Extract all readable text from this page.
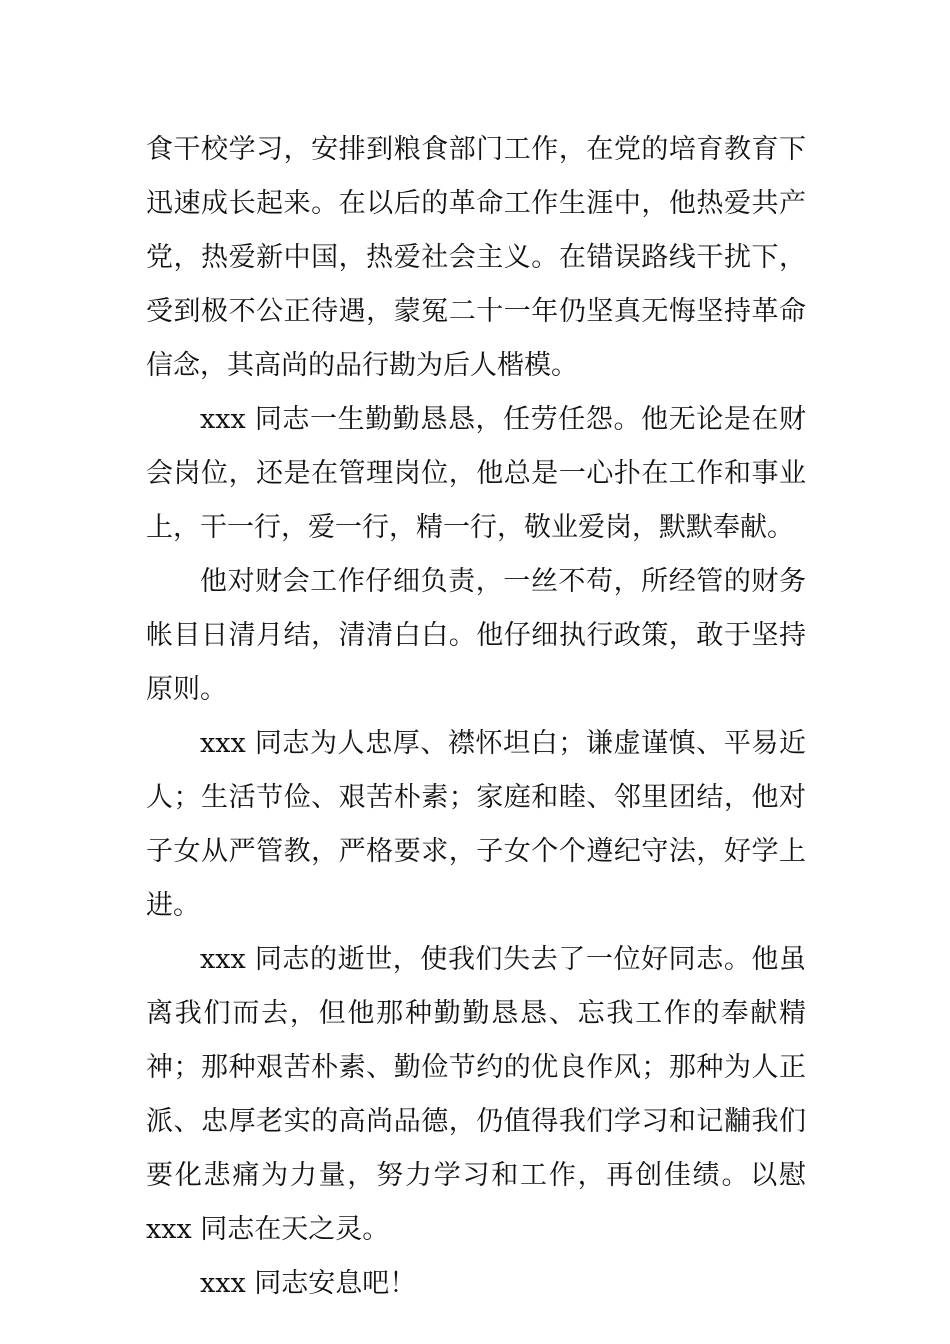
食干校学习，安排到粮食部门工作，在党的培育教育下迅速成长起来。在以后的革命工作生涯中，他热爱共产党，热爱新中国，热爱社会主义。在错误路线干扰下，受到极不公正待遇，蒙冤二十一年仍坚真无悔坚持革命信念，其高尚的品行勘为后人楷模。

xxx 同志一生勤勤恳恳，任劳任怨。他无论是在财会岗位，还是在管理岗位，他总是一心扑在工作和事业上，干一行，爱一行，精一行，敬业爱岗，默默奉献。

他对财会工作仔细负责，一丝不苟，所经管的财务帐目日清月结，清清白白。他仔细执行政策，敢于坚持原则。

xxx 同志为人忠厚、襟怀坦白；谦虚谨慎、平易近人；生活节俭、艰苦朴素；家庭和睦、邻里团结，他对子女从严管教，严格要求，子女个个遵纪守法，好学上进。

xxx 同志的逝世，使我们失去了一位好同志。他虽离我们而去，但他那种勤勤恳恳、忘我工作的奉献精神；那种艰苦朴素、勤俭节约的优良作风；那种为人正派、忠厚老实的高尚品德，仍值得我们学习和记黼我们要化悲痛为力量，努力学习和工作，再创佳绩。以慰 xxx 同志在天之灵。

xxx 同志安息吧！
